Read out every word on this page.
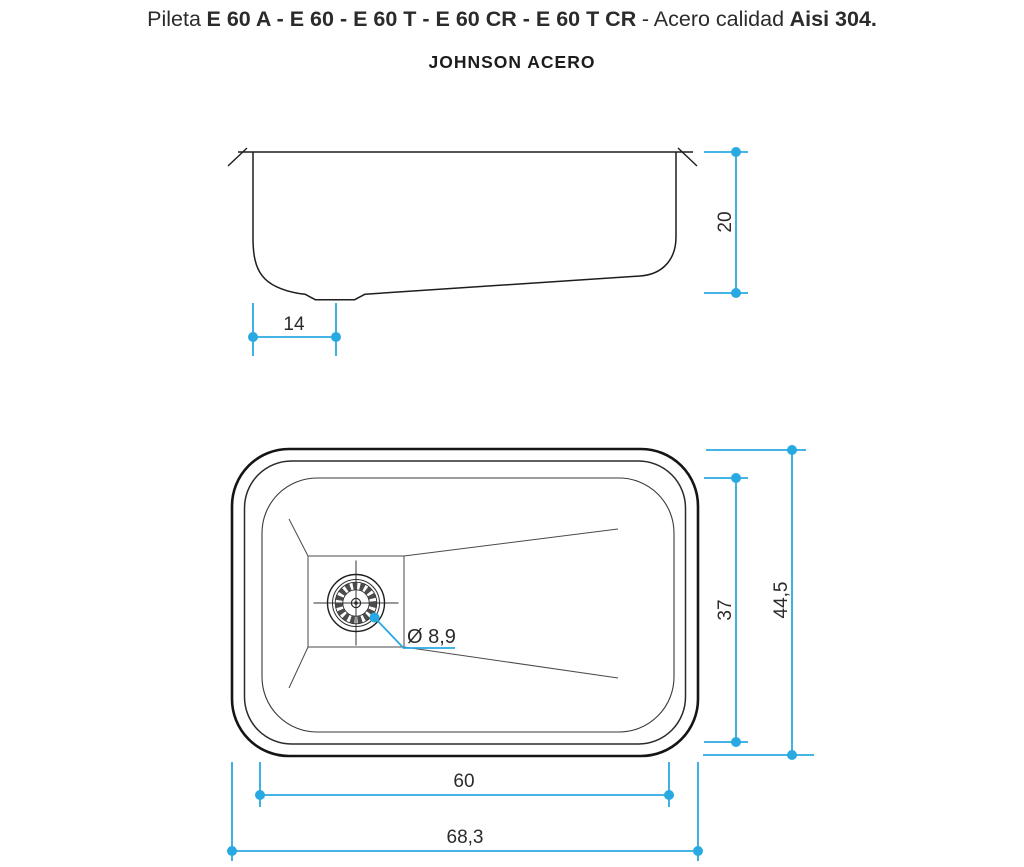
Pileta E 60 A - E 60 - E 60 T - E 60 CR - E 60 T CR - Acero calidad Aisi 304.
JOHNSON ACERO
20
14
Ø 8,9
37 44,5
60
68,3
